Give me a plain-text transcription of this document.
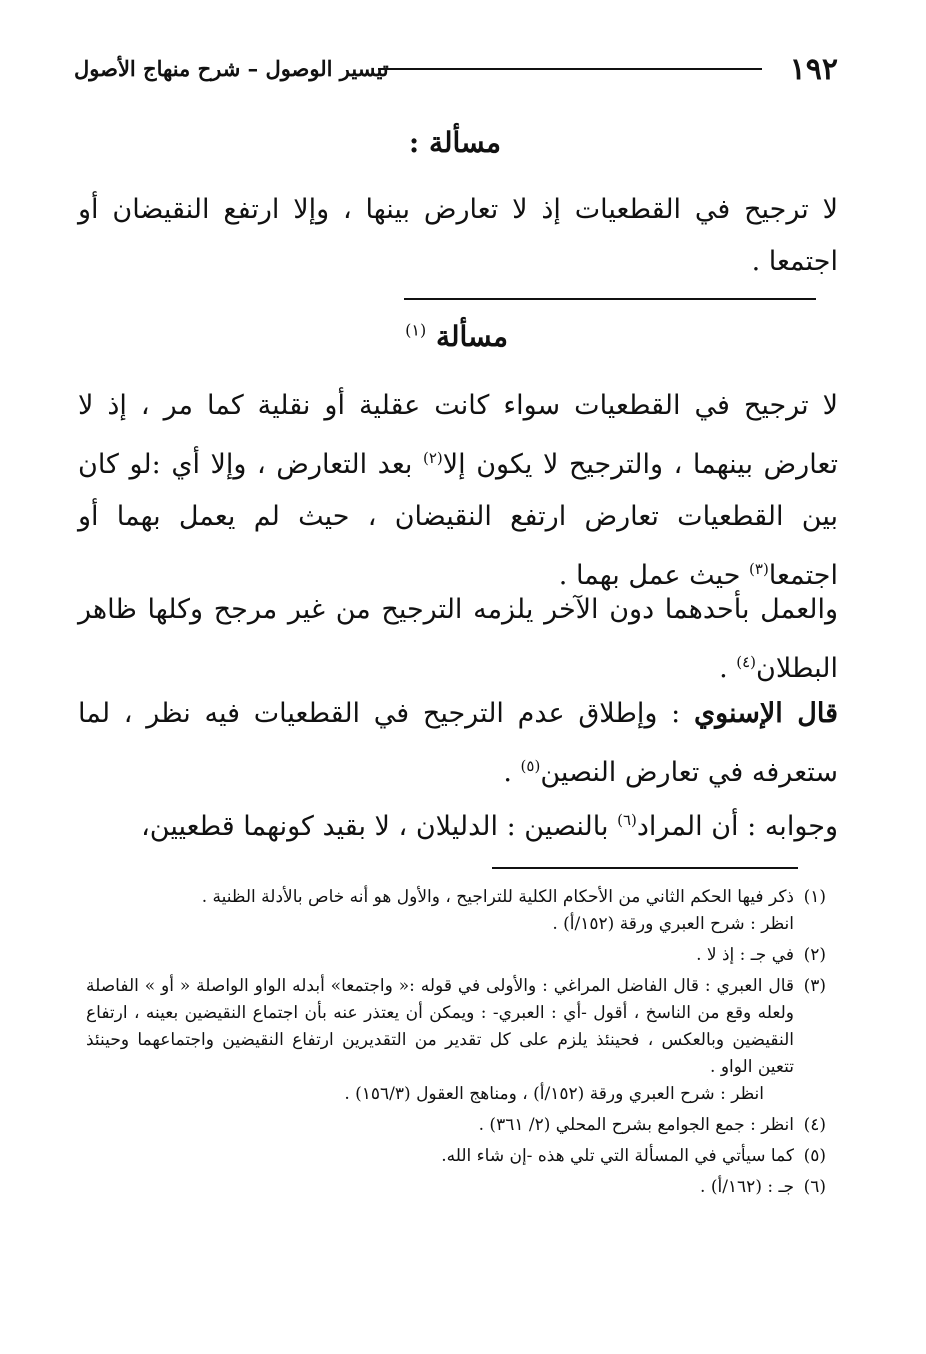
١٩٢
تيسير الوصول – شرح منهاج الأصول
مسألة :

لا ترجيح في القطعيات إذ لا تعارض بينها ، وإلا ارتفع النقيضان أو اجتمعا .

مسألة $^{(١)}$

لا ترجيح في القطعيات سواء كانت عقلية أو نقلية كما مر ، إذ لا تعارض بينهما ، والترجيح لا يكون إلا$^{(٢)}$ بعد التعارض ، وإلا أي :لو كان بين القطعيات تعارض ارتفع النقيضان ، حيث لم يعمل بهما أو اجتمعا$^{(٣)}$ حيث عمل بهما .

والعمل بأحدهما دون الآخر يلزمه الترجيح من غير مرجح وكلها ظاهر البطلان$^{(٤)}$ .

قال الإسنوي : وإطلاق عدم الترجيح في القطعيات فيه نظر ، لما ستعرفه في تعارض النصين$^{(٥)}$ .

وجوابه : أن المراد$^{(٦)}$ بالنصين : الدليلان ، لا بقيد كونهما قطعيين،

(١)
ذكر فيها الحكم الثاني من الأحكام الكلية للتراجيح ، والأول هو أنه خاص بالأدلة الظنية .
انظر : شرح العبري ورقة (١٥٢/أ) .
(٢)
في جـ : إذ لا .
(٣)
قال العبري : قال الفاضل المراغي : والأولى في قوله :« واجتمعا» أبدله الواو الواصلة « أو » الفاصلة ولعله وقع من الناسخ ، أقول -أي : العبري- : ويمكن أن يعتذر عنه بأن اجتماع النقيضين بعينه ، ارتفاع النقيضين وبالعكس ، فحينئذ يلزم على كل تقدير من التقديرين ارتفاع النقيضين واجتماعهما وحينئذ تتعين الواو .
انظر : شرح العبري ورقة (١٥٢/أ) ، ومناهج العقول (١٥٦/٣) .
(٤)
انظر : جمع الجوامع بشرح المحلي (٢/ ٣٦١) .
(٥)
كما سيأتي في المسألة التي تلي هذه -إن شاء الله.
(٦)
جـ : (١٦٢/أ) .
